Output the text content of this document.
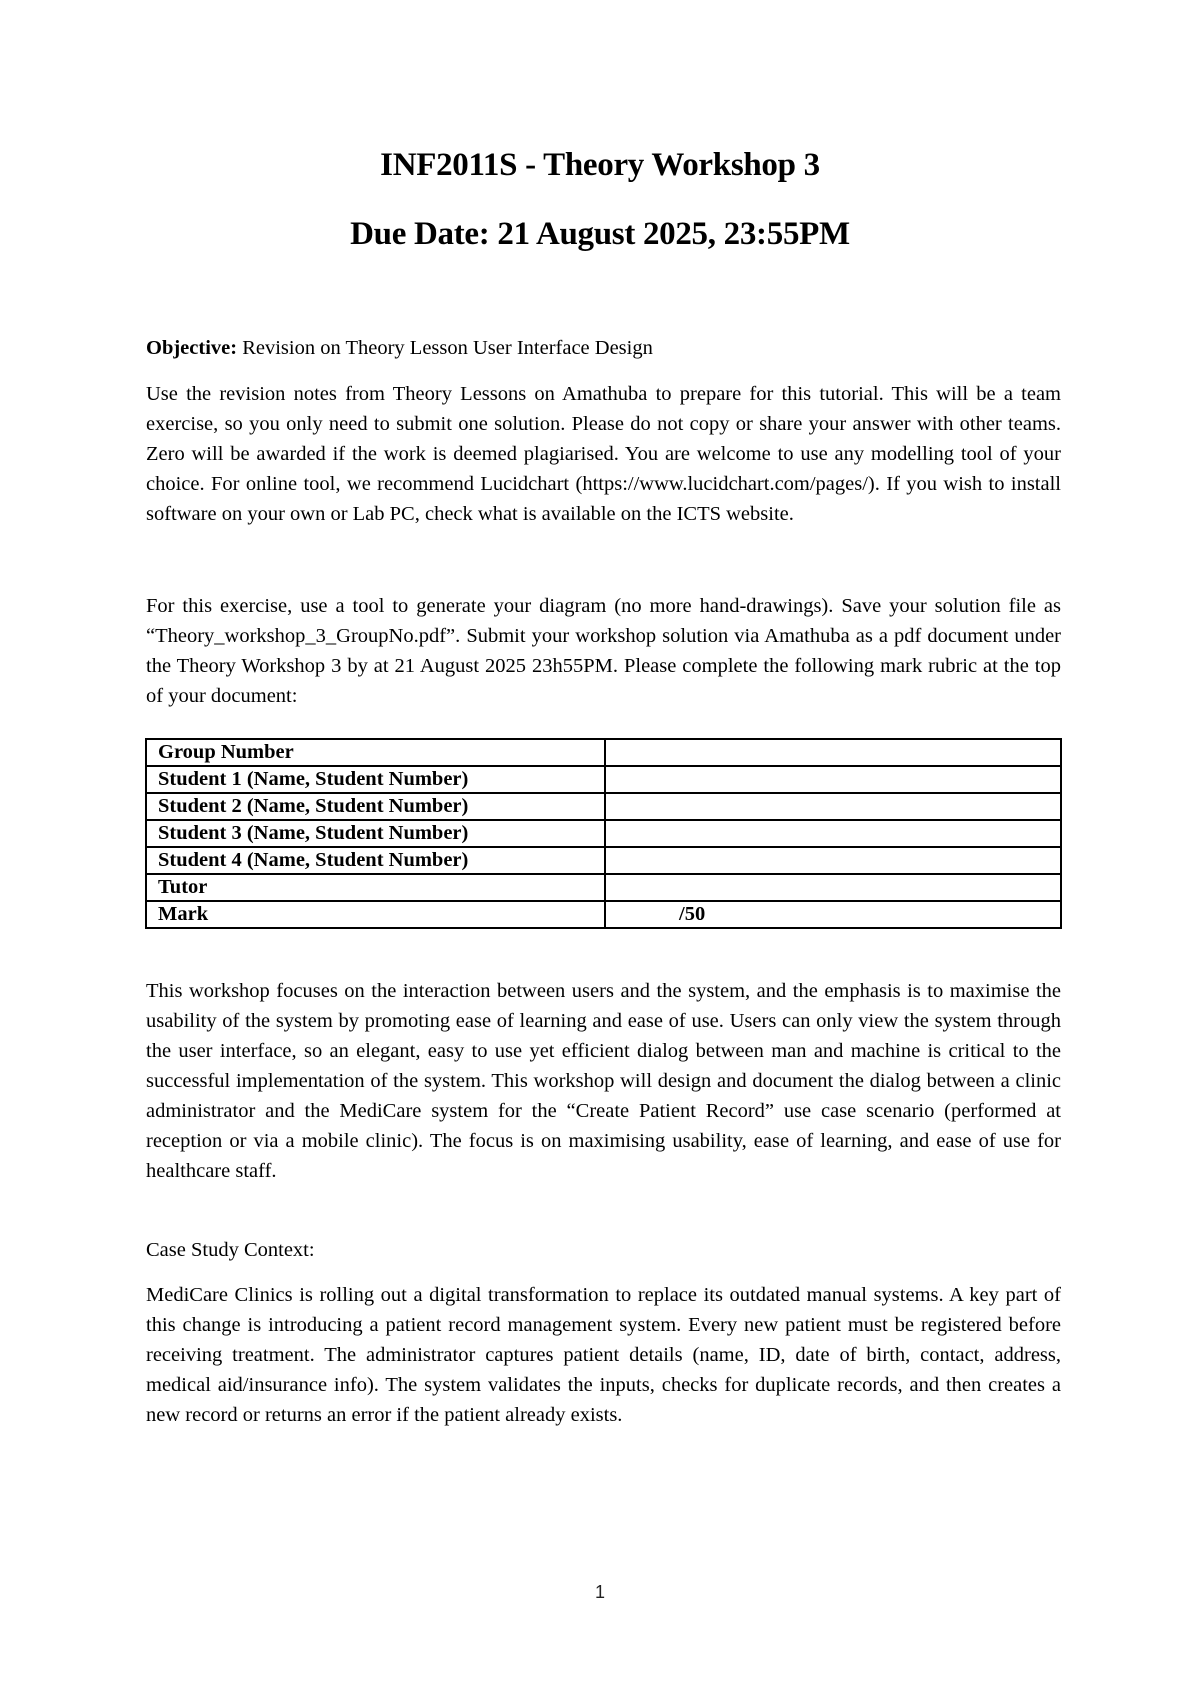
INF2011S - Theory Workshop 3
Due Date: 21 August 2025, 23:55PM

Objective: Revision on Theory Lesson User Interface Design

Use the revision notes from Theory Lessons on Amathuba to prepare for this tutorial. This will be a team exercise, so you only need to submit one solution. Please do not copy or share your answer with other teams. Zero will be awarded if the work is deemed plagiarised. You are welcome to use any modelling tool of your choice. For online tool, we recommend Lucidchart (https://www.lucidchart.com/pages/). If you wish to install software on your own or Lab PC, check what is available on the ICTS website.

For this exercise, use a tool to generate your diagram (no more hand-drawings). Save your solution file as “Theory_workshop_3_GroupNo.pdf”. Submit your workshop solution via Amathuba as a pdf document under the Theory Workshop 3 by at 21 August 2025 23h55PM. Please complete the following mark rubric at the top of your document:

Group Number	
Student 1 (Name, Student Number)	
Student 2 (Name, Student Number)	
Student 3 (Name, Student Number)	
Student 4 (Name, Student Number)	
Tutor	
Mark	/50

This workshop focuses on the interaction between users and the system, and the emphasis is to maximise the usability of the system by promoting ease of learning and ease of use. Users can only view the system through the user interface, so an elegant, easy to use yet efficient dialog between man and machine is critical to the successful implementation of the system. This workshop will design and document the dialog between a clinic administrator and the MediCare system for the “Create Patient Record” use case scenario (performed at reception or via a mobile clinic). The focus is on maximising usability, ease of learning, and ease of use for healthcare staff.

Case Study Context:

MediCare Clinics is rolling out a digital transformation to replace its outdated manual systems. A key part of this change is introducing a patient record management system. Every new patient must be registered before receiving treatment. The administrator captures patient details (name, ID, date of birth, contact, address, medical aid/insurance info). The system validates the inputs, checks for duplicate records, and then creates a new record or returns an error if the patient already exists.

1
